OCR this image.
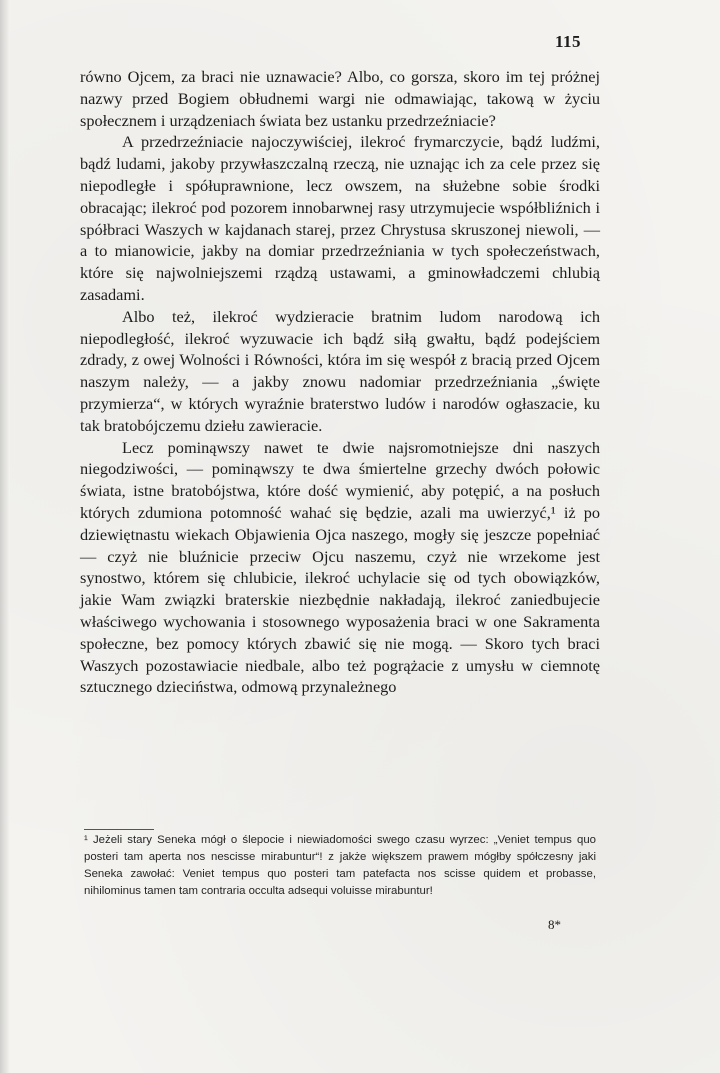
115

równo Ojcem, za braci nie uznawacie? Albo, co gorsza, skoro im tej próżnej nazwy przed Bogiem obłudnemi wargi nie odmawiając, takową w życiu społecznem i urządzeniach świata bez ustanku przedrzeźniacie?

A przedrzeźniacie najoczywiściej, ilekroć frymarczycie, bądź ludźmi, bądź ludami, jakoby przywłaszczalną rzeczą, nie uznając ich za cele przez się niepodległe i spółuprawnione, lecz owszem, na służebne sobie środki obracając; ilekroć pod pozorem innobarwnej rasy utrzymujecie współbliźnich i spółbraci Waszych w kajdanach starej, przez Chrystusa skruszonej niewoli, — a to mianowicie, jakby na domiar przedrzeźniania w tych społeczeństwach, które się najwolniejszemi rządzą ustawami, a gminowładczemi chlubią zasadami.

Albo też, ilekroć wydzieracie bratnim ludom narodową ich niepodległość, ilekroć wyzuwacie ich bądź siłą gwałtu, bądź podejściem zdrady, z owej Wolności i Równości, która im się wespół z bracią przed Ojcem naszym należy, — a jakby znowu nadomiar przedrzeźniania „święte przymierza“, w których wyraźnie braterstwo ludów i narodów ogłaszacie, ku tak bratobójczemu dziełu zawieracie.

Lecz pominąwszy nawet te dwie najsromotniejsze dni naszych niegodziwości, — pominąwszy te dwa śmiertelne grzechy dwóch połowic świata, istne bratobójstwa, które dość wymienić, aby potępić, a na posłuch których zdumiona potomność wahać się będzie, azali ma uwierzyć,¹ iż po dziewiętnastu wiekach Objawienia Ojca naszego, mogły się jeszcze popełniać — czyż nie bluźnicie przeciw Ojcu naszemu, czyż nie wrzekome jest synostwo, którem się chlubicie, ilekroć uchylacie się od tych obowiązków, jakie Wam związki braterskie niezbędnie nakładają, ilekroć zaniedbujecie właściwego wychowania i stosownego wyposażenia braci w one Sakramenta społeczne, bez pomocy których zbawić się nie mogą. — Skoro tych braci Waszych pozostawiacie niedbale, albo też pogrążacie z umysłu w ciemnotę sztucznego dzieciństwa, odmową przynależnego

¹ Jeżeli stary Seneka mógł o ślepocie i niewiadomości swego czasu wyrzec: „Veniet tempus quo posteri tam aperta nos nescisse mirabuntur“! z jakże większem prawem mógłby spółczesny jaki Seneka zawołać: Veniet tempus quo posteri tam patefacta nos scisse quidem et probasse, nihilominus tamen tam contraria occulta adsequi voluisse mirabuntur!
8*
